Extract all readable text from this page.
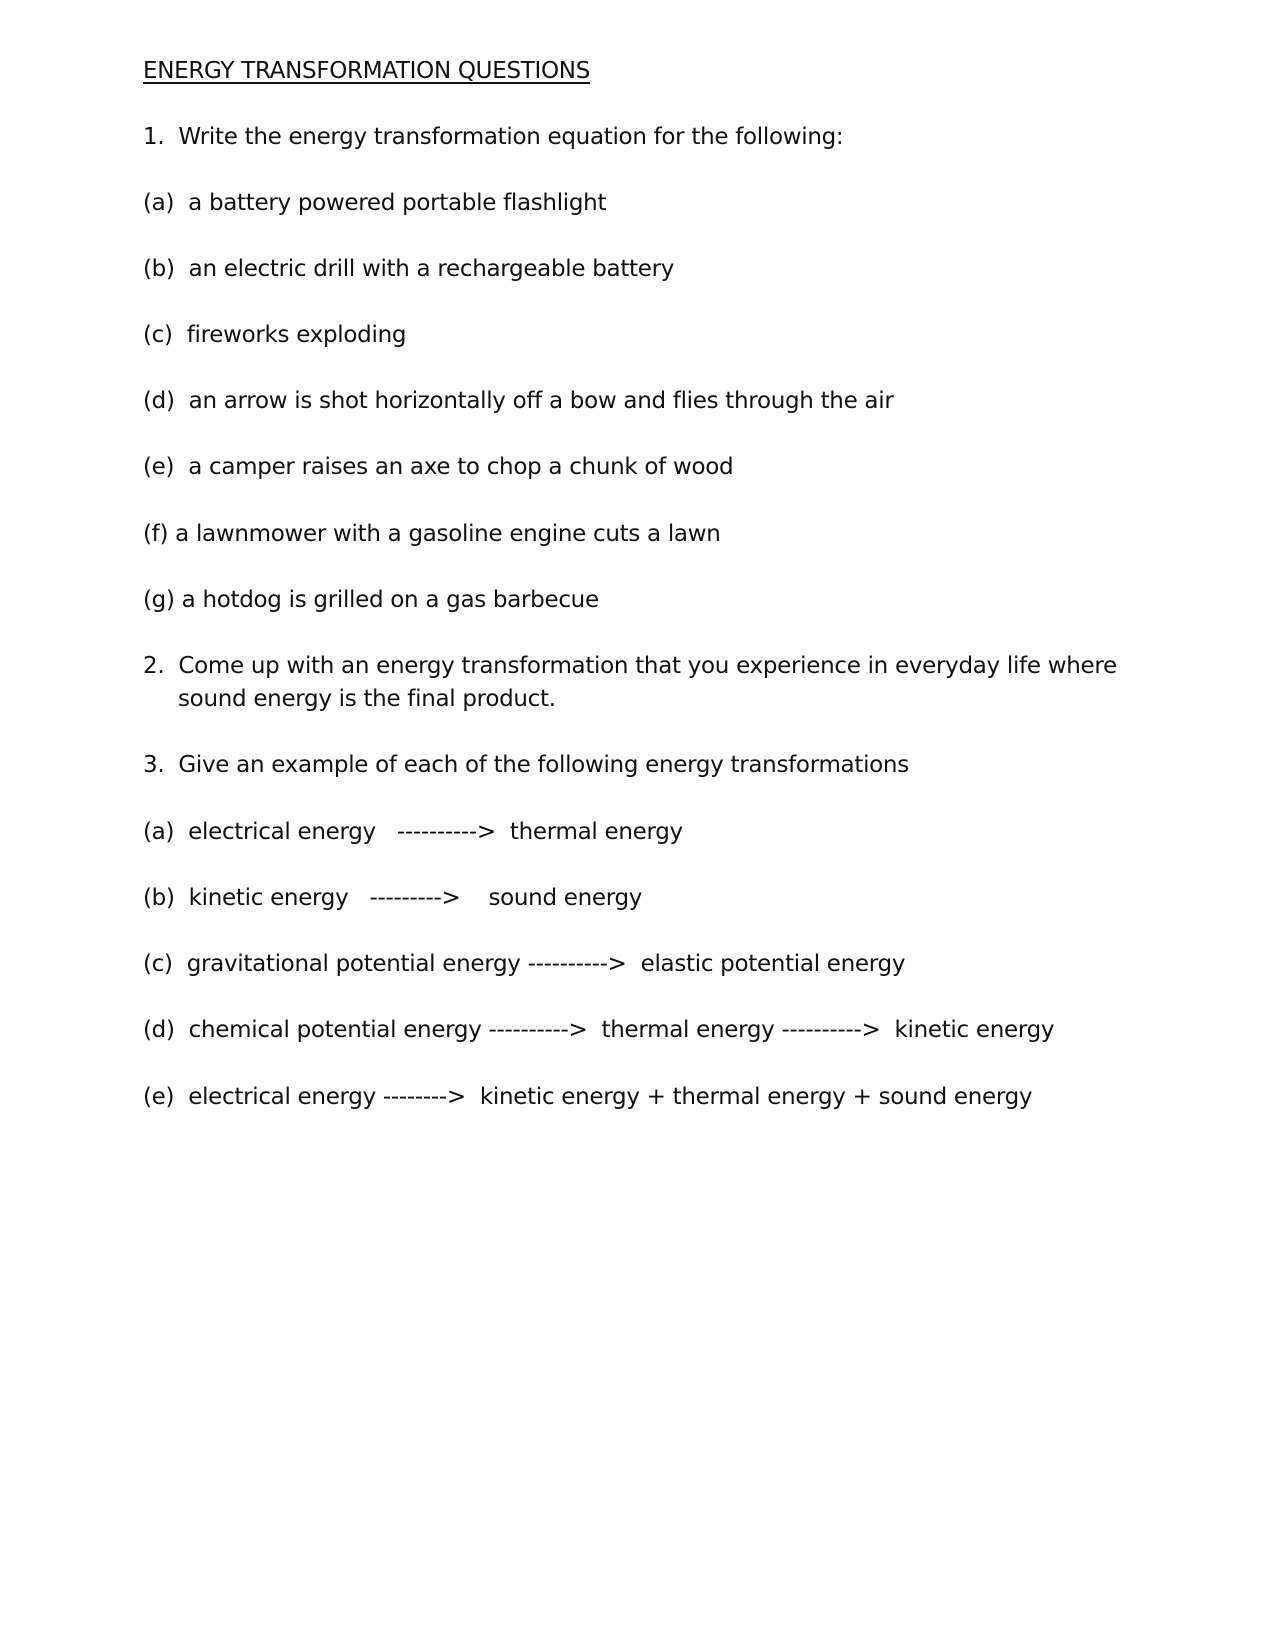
ENERGY TRANSFORMATION QUESTIONS
1.  Write the energy transformation equation for the following:
(a)  a battery powered portable flashlight
(b)  an electric drill with a rechargeable battery
(c)  fireworks exploding
(d)  an arrow is shot horizontally off a bow and flies through the air
(e)  a camper raises an axe to chop a chunk of wood
(f) a lawnmower with a gasoline engine cuts a lawn
(g) a hotdog is grilled on a gas barbecue
2.  Come up with an energy transformation that you experience in everyday life where
sound energy is the final product.
3.  Give an example of each of the following energy transformations
(a)  electrical energy   ---------->  thermal energy
(b)  kinetic energy   --------->    sound energy
(c)  gravitational potential energy ---------->  elastic potential energy
(d)  chemical potential energy ---------->  thermal energy ---------->  kinetic energy
(e)  electrical energy -------->  kinetic energy + thermal energy + sound energy
